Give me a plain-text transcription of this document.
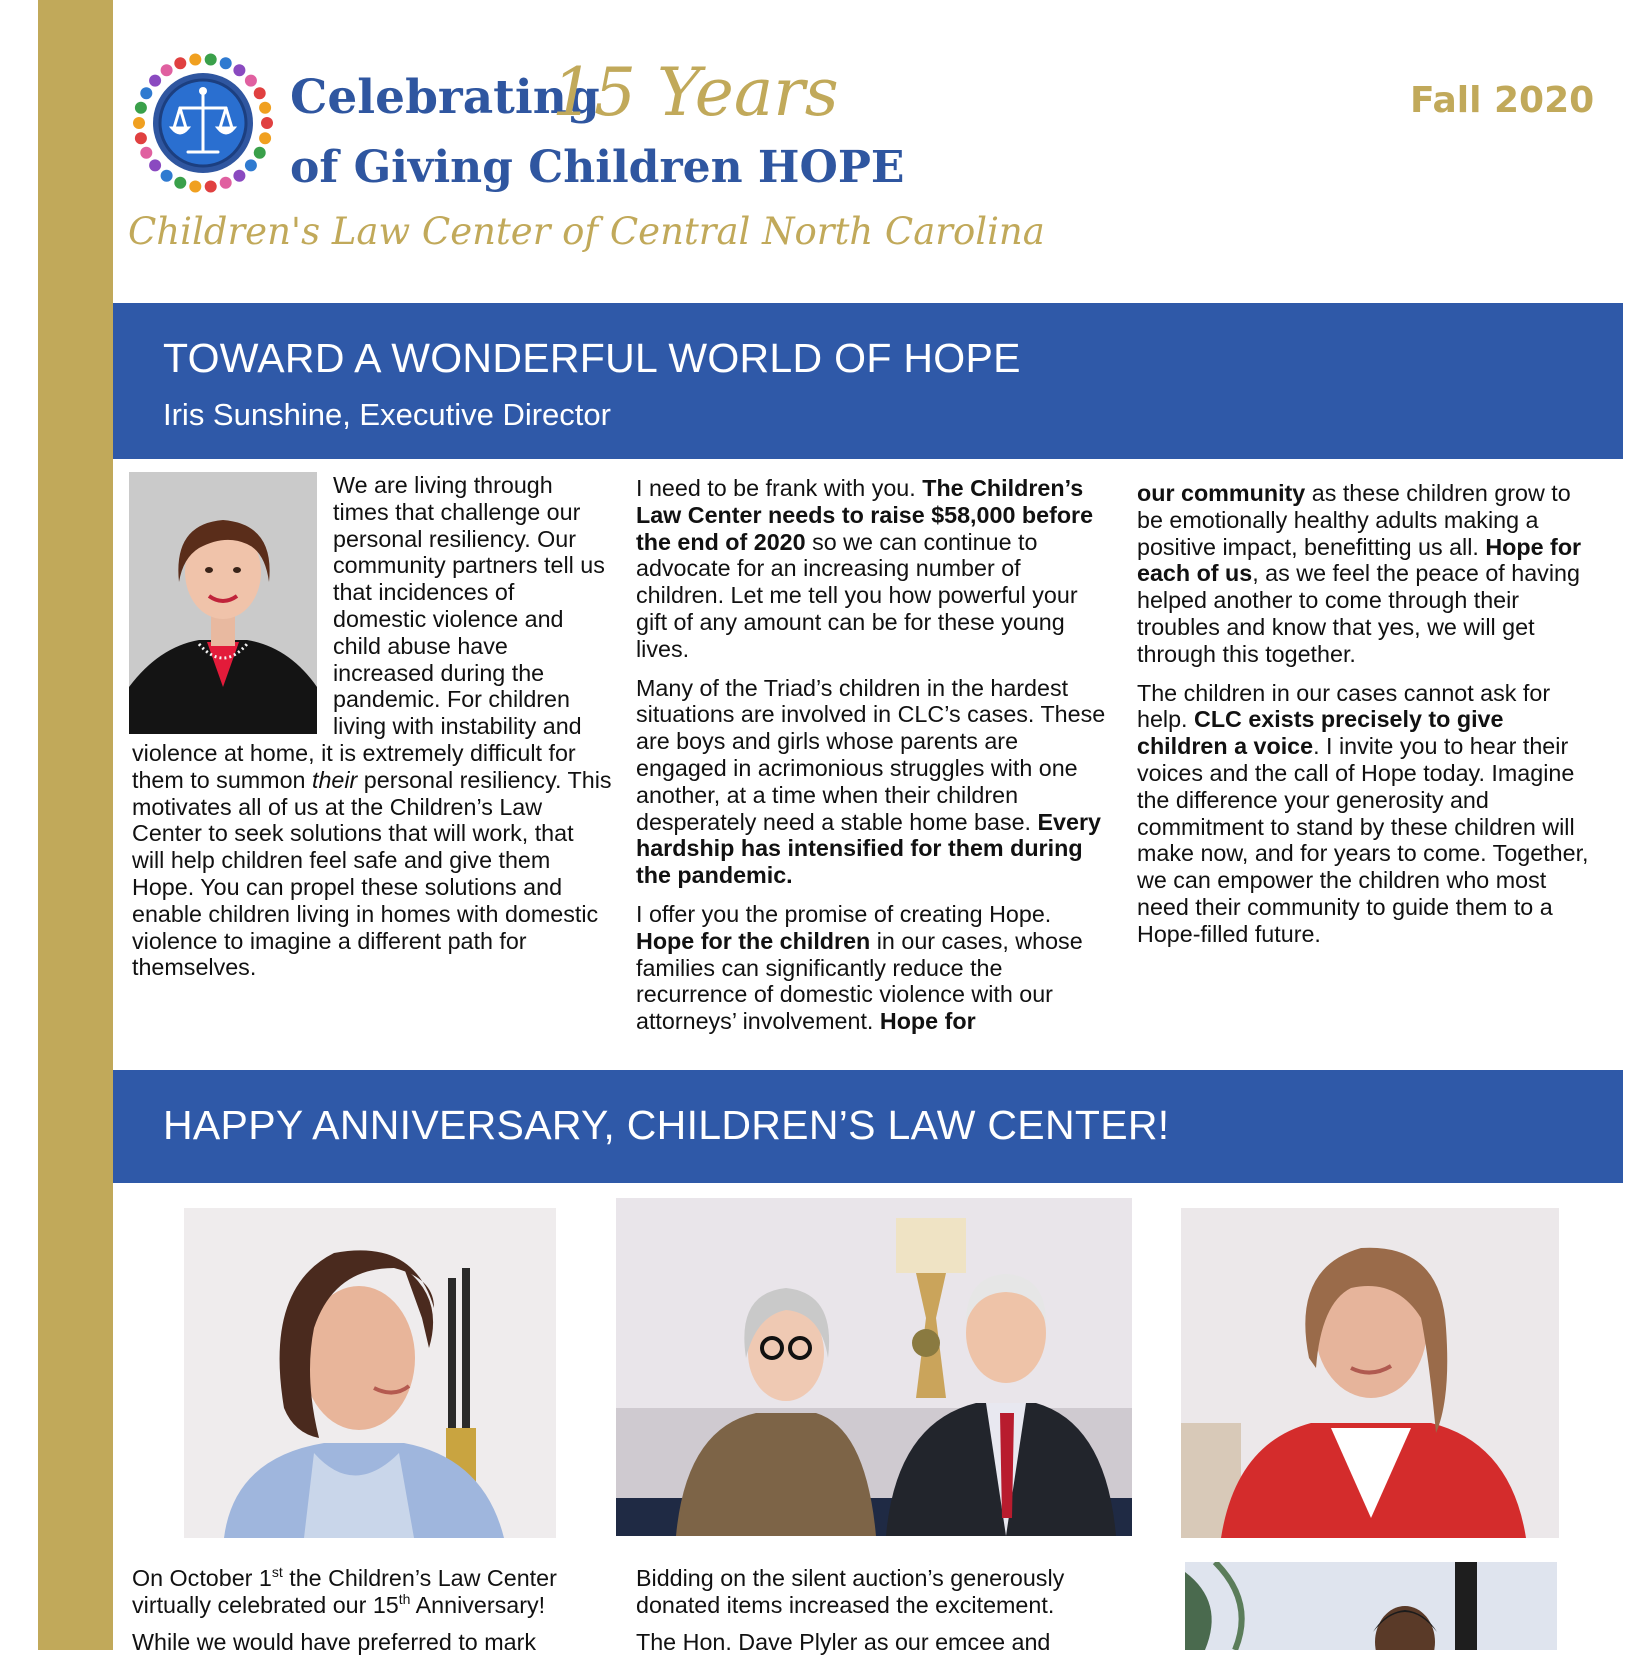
Celebrating
15 Years
of Giving Children HOPE
Children's Law Center of Central North Carolina
Fall 2020
TOWARD A WONDERFUL WORLD OF HOPE
Iris Sunshine, Executive Director

We are living through times that challenge our personal resiliency. Our community partners tell us that incidences of domestic violence and child abuse have increased during the pandemic. For children living with instability and violence at home, it is extremely difficult for them to summon their personal resiliency. This motivates all of us at the Children’s Law Center to seek solutions that will work, that will help children feel safe and give them Hope. You can propel these solutions and enable children living in homes with domestic violence to imagine a different path for themselves.

I need to be frank with you. The Children’s Law Center needs to raise $58,000 before the end of 2020 so we can continue to advocate for an increasing number of children. Let me tell you how powerful your gift of any amount can be for these young lives.

Many of the Triad’s children in the hardest situations are involved in CLC’s cases. These are boys and girls whose parents are engaged in acrimonious struggles with one another, at a time when their children desperately need a stable home base. Every hardship has intensified for them during the pandemic.

I offer you the promise of creating Hope. Hope for the children in our cases, whose families can significantly reduce the recurrence of domestic violence with our attorneys’ involvement. Hope for

our community as these children grow to be emotionally healthy adults making a positive impact, benefitting us all. Hope for each of us, as we feel the peace of having helped another to come through their troubles and know that yes, we will get through this together.

The children in our cases cannot ask for help. CLC exists precisely to give children a voice. I invite you to hear their voices and the call of Hope today. Imagine the difference your generosity and commitment to stand by these children will make now, and for years to come. Together, we can empower the children who most need their community to guide them to a Hope-filled future.

HAPPY ANNIVERSARY, CHILDREN’S LAW CENTER!

On October 1st the Children’s Law Center virtually celebrated our 15th Anniversary!

While we would have preferred to mark

Bidding on the silent auction’s generously donated items increased the excitement.

The Hon. Dave Plyler as our emcee and
